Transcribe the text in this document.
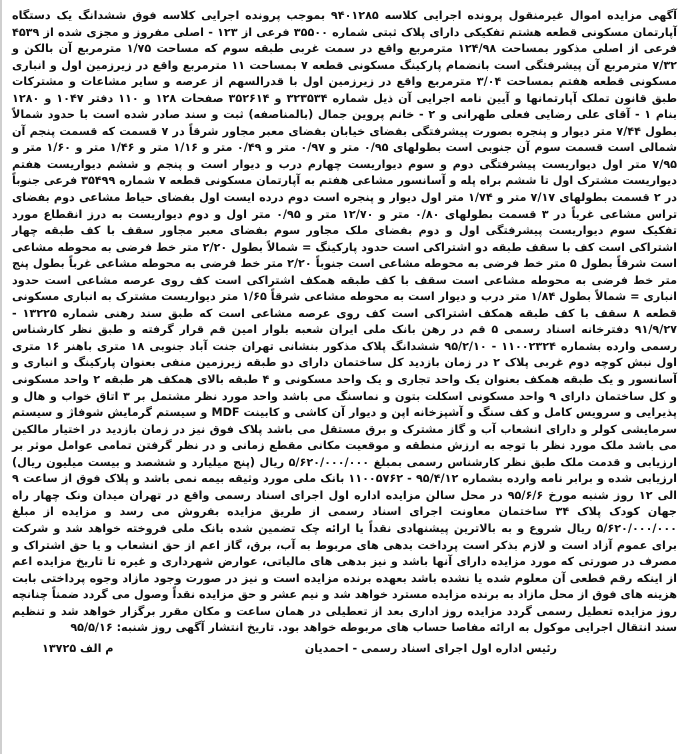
آگهی مزایده اموال غیرمنقول پرونده اجرایی کلاسه ۹۴۰۱۲۸۵ بموجب پرونده اجرایی کلاسه فوق ششدانگ یک دستگاه آپارتمان مسکونی قطعه هشتم تفکیکی دارای پلاک ثبتی شماره ۳۵۵۰۰ فرعی از ۱۲۳ - اصلی مفروز و مجزی شده از ۴۵۳۹ فرعی از اصلی مذکور بمساحت ۱۲۴/۹۸ مترمربع واقع در سمت غربی طبقه سوم که مساحت ۱/۷۵ مترمربع آن بالکن و ۷/۳۲ مترمربع آن پیشرفتگی است بانضمام پارکینگ مسکونی قطعه ۷ بمساحت ۱۱ مترمربع واقع در زیرزمین اول و انباری مسکونی قطعه هفتم بمساحت ۳/۰۴ مترمربع واقع در زیرزمین اول با قدرالسهم از عرصه و سایر مشاعات و مشترکات طبق قانون تملک آپارتمانها و آیین نامه اجرایی آن ذیل شماره ۳۲۳۵۳۴ و ۳۵۲۶۱۴ صفحات ۱۲۸ و ۱۱۰ دفتر ۱۰۴۷ و ۱۲۸۰ بنام ۱ - آقای علی رضایی فعلی طهرانی و ۲ - خانم پروین جمال (بالمناصفه) ثبت و سند صادر شده است با حدود شمالاً بطول ۷/۴۴ متر دیوار و پنجره بصورت پیشرفتگی بفضای خیابان بفضای معبر مجاور شرقاً در ۷ قسمت که قسمت پنجم آن شمالی است قسمت سوم آن جنوبی است بطولهای ۰/۹۵ متر و ۰/۹۷ متر و ۰/۴۹ متر و ۱/۱۶ متر و ۱/۴۶ متر و ۱/۶۰ متر و ۷/۹۵ متر اول دیواریست پیشرفتگی دوم و سوم دیواریست چهارم درب و دیوار است و پنجم و ششم دیواریست هفتم دیواریست مشترک اول تا ششم براه پله و آسانسور مشاعی هفتم به آپارتمان مسکونی قطعه ۷ شماره ۳۵۴۹۹ فرعی جنوباً در ۲ قسمت بطولهای ۷/۱۷ متر و ۱/۷۴ متر اول دیوار و پنجره است دوم درده ایست اول بفضای حیاط مشاعی دوم بفضای تراس مشاعی غرباً در ۳ قسمت بطولهای ۰/۸۰ متر و ۱۲/۷۰ متر و ۰/۹۵ متر اول و دوم دیواریست به درز انقطاع مورد تفکیک سوم دیواریست پیشرفتگی اول و دوم بفضای ملک مجاور سوم بفضای معبر مجاور سقف با کف طبقه چهار اشتراکی است کف با سقف طبقه دو اشتراکی است حدود پارکینگ = شمالاً بطول ۲/۲۰ متر خط فرضی به محوطه مشاعی است شرقاً بطول ۵ متر خط فرضی به محوطه مشاعی است جنوباً ۲/۲۰ متر خط فرضی به محوطه مشاعی غرباً بطول پنج متر خط فرضی به محوطه مشاعی است سقف با کف طبقه همکف اشتراکی است کف روی عرصه مشاعی است حدود انباری = شمالاً بطول ۱/۸۴ متر درب و دیوار است به محوطه مشاعی شرقاً ۱/۶۵ متر دیواریست مشترک به انباری مسکونی قطعه ۸ سقف با کف طبقه همکف اشتراکی است کف روی عرصه مشاعی است که طبق سند رهنی شماره ۱۳۲۲۵ - ۹۱/۹/۲۷ دفترخانه اسناد رسمی ۵ قم در رهن بانک ملی ایران شعبه بلوار امین قم قرار گرفته و طبق نظر کارشناس رسمی وارده بشماره ۱۱۰۰۲۳۲۴ - ۹۵/۲/۱۰ ششدانگ پلاک مذکور بنشانی تهران جنت آباد جنوبی ۱۸ متری باهنر ۱۶ متری اول نبش کوچه دوم غربی پلاک ۲ در زمان بازدید کل ساختمان دارای دو طبقه زیرزمین منفی بعنوان پارکینگ و انباری و آسانسور و یک طبقه همکف بعنوان یک واحد تجاری و یک واحد مسکونی و ۴ طبقه بالای همکف هر طبقه ۲ واحد مسکونی و کل ساختمان دارای ۹ واحد مسکونی اسکلت بتون و نماسنگ می باشد واحد مورد نظر مشتمل بر ۳ اتاق خواب و هال و پذیرایی و سرویس کامل و کف سنگ و آشپزخانه اپن و دیوار آن کاشی و کابینت MDF و سیستم گرمایش شوفاژ و سیستم سرمایشی کولر و دارای انشعاب آب و گاز مشترک و برق مستقل می باشد پلاک فوق نیز در زمان بازدید در اختیار مالکین می باشد ملک مورد نظر با توجه به ارزش منطقه و موقعیت مکانی مقطع زمانی و در نظر گرفتن تمامی عوامل موثر بر ارزیابی و قدمت ملک طبق نظر کارشناس رسمی بمبلغ ۵/۶۲۰/۰۰۰/۰۰۰ ریال (پنج میلیارد و ششصد و بیست میلیون ریال) ارزیابی شده و برابر نامه وارده بشماره ۹۵/۴/۱۲ - ۱۱۰۰۵۷۶۲ بانک ملی مورد وثیقه بیمه نمی باشد و پلاک فوق از ساعت ۹ الی ۱۲ روز شنبه مورخ ۹۵/۶/۶ در محل سالن مزایده اداره اول اجرای اسناد رسمی واقع در تهران میدان ونک چهار راه جهان کودک پلاک ۳۴ ساختمان معاونت اجرای اسناد رسمی از طریق مزایده بفروش می رسد و مزایده از مبلغ ۵/۶۲۰/۰۰۰/۰۰۰ ریال شروع و به بالاترین پیشنهادی نقداً یا ارائه چک تضمین شده بانک ملی فروخته خواهد شد و شرکت برای عموم آزاد است و لازم بذکر است پرداخت بدهی های مربوط به آب، برق، گاز اعم از حق انشعاب و یا حق اشتراک و مصرف در صورتی که مورد مزایده دارای آنها باشد و نیز بدهی های مالیاتی، عوارض شهرداری و غیره تا تاریخ مزایده اعم از اینکه رقم قطعی آن معلوم شده یا نشده باشد بعهده برنده مزایده است و نیز در صورت وجود مازاد وجوه پرداختی بابت هزینه های فوق از محل مازاد به برنده مزایده مسترد خواهد شد و نیم عشر و حق مزایده نقداً وصول می گردد ضمناً چنانچه روز مزایده تعطیل رسمی گردد مزایده روز اداری بعد از تعطیلی در همان ساعت و مکان مقرر برگزار خواهد شد و تنظیم سند انتقال اجرایی موکول به ارائه مفاصا حساب های مربوطه خواهد بود. تاریخ انتشار آگهی روز شنبه: ۹۵/۵/۱۶

رئیس اداره اول اجرای اسناد رسمی - احمدیان
م الف ۱۳۷۲۵
